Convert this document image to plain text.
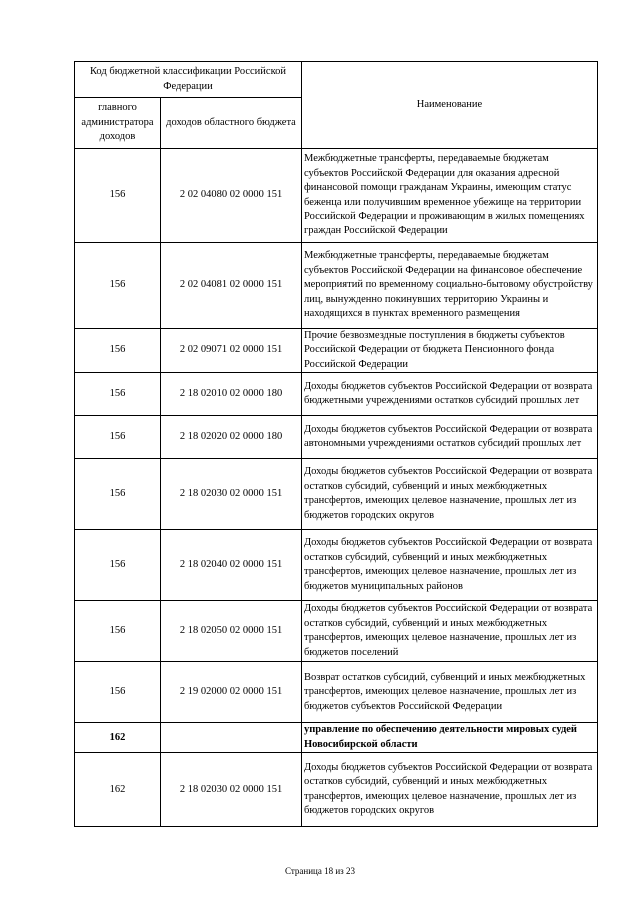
Код бюджетной классификации Российской Федерации		Наименование
главного администратора доходов	доходов областного бюджета	
156	2 02 04080 02 0000 151	Межбюджетные трансферты, передаваемые бюджетам субъектов Российской Федерации для оказания адресной финансовой помощи гражданам Украины, имеющим статус беженца или получившим временное убежище на территории Российской Федерации и проживающим в жилых помещениях граждан Российской Федерации
156	2 02 04081 02 0000 151	Межбюджетные трансферты, передаваемые бюджетам субъектов Российской Федерации на финансовое обеспечение мероприятий по временному социально-бытовому обустройству лиц, вынужденно покинувших территорию Украины и находящихся в пунктах временного размещения
156	2 02 09071 02 0000 151	Прочие безвозмездные поступления в бюджеты субъектов Российской Федерации от бюджета Пенсионного фонда Российской Федерации
156	2 18 02010 02 0000 180	Доходы бюджетов субъектов Российской Федерации от возврата бюджетными учреждениями остатков субсидий прошлых лет
156	2 18 02020 02 0000 180	Доходы бюджетов субъектов Российской Федерации от возврата автономными учреждениями остатков субсидий прошлых лет
156	2 18 02030 02 0000 151	Доходы бюджетов субъектов Российской Федерации от возврата остатков субсидий, субвенций и иных межбюджетных трансфертов, имеющих целевое назначение, прошлых лет из бюджетов городских округов
156	2 18 02040 02 0000 151	Доходы бюджетов субъектов Российской Федерации от возврата остатков субсидий, субвенций и иных межбюджетных трансфертов, имеющих целевое назначение, прошлых лет из бюджетов муниципальных районов
156	2 18 02050 02 0000 151	Доходы бюджетов субъектов Российской Федерации от возврата остатков субсидий, субвенций и иных межбюджетных трансфертов, имеющих целевое назначение, прошлых лет из бюджетов поселений
156	2 19 02000 02 0000 151	Возврат остатков субсидий, субвенций и иных межбюджетных трансфертов, имеющих целевое назначение, прошлых лет из бюджетов субъектов Российской Федерации
162		управление по обеспечению деятельности мировых судей Новосибирской области
162	2 18 02030 02 0000 151	Доходы бюджетов субъектов Российской Федерации от возврата остатков субсидий, субвенций и иных межбюджетных трансфертов, имеющих целевое назначение, прошлых лет из бюджетов городских округов
Страница 18 из 23
